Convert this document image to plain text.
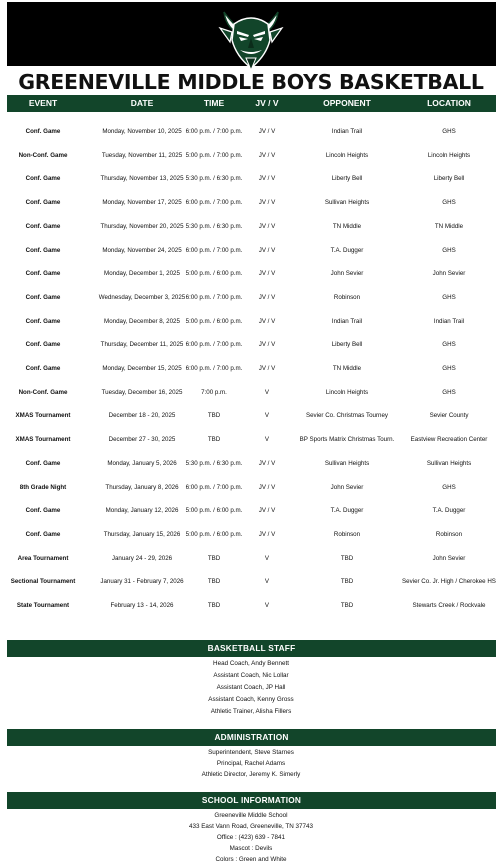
GREENEVILLE MIDDLE BOYS BASKETBALL
EVENT	DATE	TIME	JV / V	OPPONENT	LOCATION
Conf. Game	Monday, November 10, 2025 6:00 p.m. / 7:00 p.m.	JV / V	Indian Trail	GHS
Non-Conf. Game	Tuesday, November 11, 2025 5:00 p.m. / 7:00 p.m.	JV / V	Lincoln Heights	Lincoln Heights
Conf. Game	Thursday, November 13, 2025 5:30 p.m. / 6:30 p.m.	JV / V	Liberty Bell	Liberty Bell
Conf. Game	Monday, November 17, 2025 6:00 p.m. / 7:00 p.m.	JV / V	Sullivan Heights	GHS
Conf. Game	Thursday, November 20, 2025 5:30 p.m. / 6:30 p.m.	JV / V	TN Middle	TN Middle
Conf. Game	Monday, November 24, 2025 6:00 p.m. / 7:00 p.m.	JV / V	T.A. Dugger	GHS
Conf. Game	Monday, December 1, 2025 5:00 p.m. / 6:00 p.m.	JV / V	John Sevier	John Sevier
Conf. Game	Wednesday, December 3, 2025 6:00 p.m. / 7:00 p.m.	JV / V	Robinson	GHS
Conf. Game	Monday, December 8, 2025 5:00 p.m. / 6:00 p.m.	JV / V	Indian Trail	Indian Trail
Conf. Game	Thursday, December 11, 2025 6:00 p.m. / 7:00 p.m.	JV / V	Liberty Bell	GHS
Conf. Game	Monday, December 15, 2025 6:00 p.m. / 7:00 p.m.	JV / V	TN Middle	GHS
Non-Conf. Game	Tuesday, December 16, 2025	7:00 p.m.	V	Lincoln Heights	GHS
XMAS Tournament	December 18 - 20, 2025	TBD	V	Sevier Co. Christmas Tourney	Sevier County
XMAS Tournament	December 27 - 30, 2025	TBD	V	BP Sports Matrix Christmas Tourn.	Eastview Recreation Center
Conf. Game	Monday, January 5, 2026	5:30 p.m. / 6:30 p.m.	JV / V	Sullivan Heights	Sullivan Heights
8th Grade Night	Thursday, January 8, 2026	6:00 p.m. / 7:00 p.m.	JV / V	John Sevier	GHS
Conf. Game	Monday, January 12, 2026	5:00 p.m. / 6:00 p.m.	JV / V	T.A. Dugger	T.A. Dugger
Conf. Game	Thursday, January 15, 2026 5:00 p.m. / 6:00 p.m.	JV / V	Robinson	Robinson
Area Tournament	January 24 - 29, 2026	TBD	V	TBD	John Sevier
Sectional Tournament	January 31 - February 7, 2026	TBD	V	TBD	Sevier Co. Jr. High / Cherokee HS
State Tournament	February 13 - 14, 2026	TBD	V	TBD	Stewarts Creek / Rockvale
BASKETBALL STAFF
Head Coach, Andy Bennett
Assistant Coach, Nic Lollar
Assistant Coach, JP Hall
Assistant Coach, Kenny Gross
Athletic Trainer, Alisha Fillers
ADMINISTRATION
Superintendent, Steve Starnes
Principal, Rachel Adams
Athletic Director, Jeremy K. Simerly
SCHOOL INFORMATION
Greeneville Middle School
433 East Vann Road, Greeneville, TN 37743
Office : (423) 639 - 7841
Mascot : Devils
Colors : Green and White
